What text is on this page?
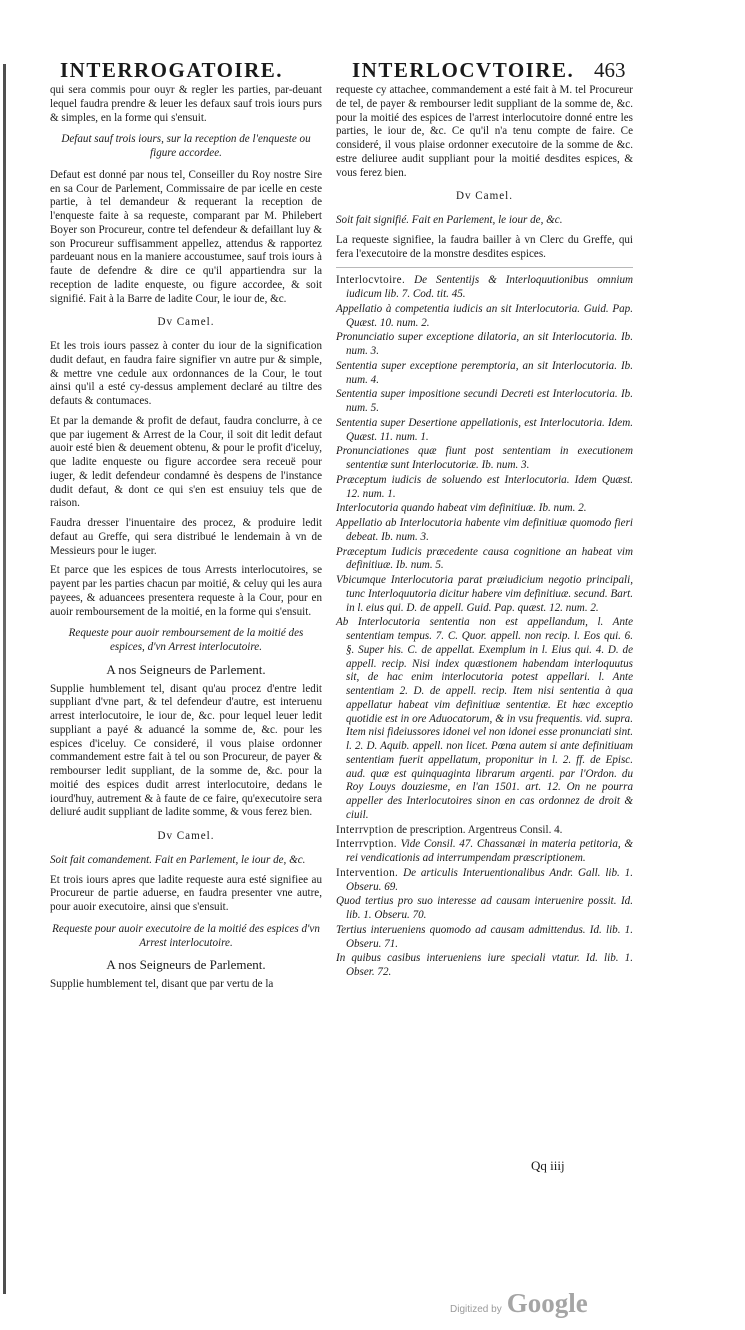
INTERROGATOIRE.	INTERLOCVTOIRE. 463

qui sera commis pour ouyr & regler les parties, par-deuant lequel faudra prendre & leuer les defaux sauf trois iours purs & simples, en la forme qui s'ensuit.

Defaut sauf trois iours, sur la reception de l'enqueste ou figure accordee.

Defaut est donné par nous tel, Conseiller du Roy nostre Sire en sa Cour de Parlement, Commissaire de par icelle en ceste partie, à tel demandeur & requerant la reception de l'enqueste faite à sa requeste, comparant par M. Philebert Boyer son Procureur, contre tel defendeur & defaillant luy & son Procureur suffisamment appellez, attendus & rapportez pardeuant nous en la maniere accoustumee, sauf trois iours à faute de defendre & dire ce qu'il appartiendra sur la reception de ladite enqueste, ou figure accordee, & soit signifié. Fait à la Barre de ladite Cour, le iour de, &c.

Dv Camel.

Et les trois iours passez à conter du iour de la signification dudit defaut, en faudra faire signifier vn autre pur & simple, & mettre vne cedule aux ordonnances de la Cour, le tout ainsi qu'il a esté cy-dessus amplement declaré au tiltre des defauts & contumaces.

Et par la demande & profit de defaut, faudra conclurre, à ce que par iugement & Arrest de la Cour, il soit dit ledit defaut auoir esté bien & deuement obtenu, & pour le profit d'iceluy, que ladite enqueste ou figure accordee sera receuë pour iuger, & ledit defendeur condamné ès despens de l'instance dudit defaut, & dont ce qui s'en est ensuiuy tels que de raison.

Faudra dresser l'inuentaire des procez, & produire ledit defaut au Greffe, qui sera distribué le lendemain à vn de Messieurs pour le iuger.

Et parce que les espices de tous Arrests interlocutoires, se payent par les parties chacun par moitié, & celuy qui les aura payees, & aduancees presentera requeste à la Cour, pour en auoir remboursement de la moitié, en la forme qui s'ensuit.

Requeste pour auoir remboursement de la moitié des espices, d'vn Arrest interlocutoire.

A nos Seigneurs de Parlement.

Supplie humblement tel, disant qu'au procez d'entre ledit suppliant d'vne part, & tel defendeur d'autre, est interuenu arrest interlocutoire, le iour de, &c. pour lequel leuer ledit suppliant a payé & aduancé la somme de, &c. pour les espices d'iceluy. Ce consideré, il vous plaise ordonner commandement estre fait à tel ou son Procureur, de payer & rembourser ledit suppliant, de la somme de, &c. pour la moitié des espices dudit arrest interlocutoire, dedans le iourd'huy, autrement & à faute de ce faire, qu'executoire sera deliuré audit suppliant de ladite somme, & vous ferez bien.

Dv Camel.

Soit fait comandement. Fait en Parlement, le iour de, &c.

Et trois iours apres que ladite requeste aura esté signifiee au Procureur de partie aduerse, en faudra presenter vne autre, pour auoir executoire, ainsi que s'ensuit.

Requeste pour auoir executoire de la moitié des espices d'vn Arrest interlocutoire.

A nos Seigneurs de Parlement.

Supplie humblement tel, disant que par vertu de la

requeste cy attachee, commandement a esté fait à M. tel Procureur de tel, de payer & rembourser ledit suppliant de la somme de, &c. pour la moitié des espices de l'arrest interlocutoire donné entre les parties, le iour de, &c. Ce qu'il n'a tenu compte de faire. Ce consideré, il vous plaise ordonner executoire de la somme de &c. estre deliuree audit suppliant pour la moitié desdites espices, & vous ferez bien.

Dv Camel.

Soit fait signifié. Fait en Parlement, le iour de, &c.

La requeste signifiee, la faudra bailler à vn Clerc du Greffe, qui fera l'executoire de la monstre desdites espices.

Interlocvtoire. De Sententijs & Interloquutionibus omnium iudicum lib. 7. Cod. tit. 45.

Appellatio à competentia iudicis an sit Interlocutoria. Guid. Pap. Quæst. 10. num. 2.

Pronunciatio super exceptione dilatoria, an sit Interlocutoria. Ib. num. 3.

Sententia super exceptione peremptoria, an sit Interlocutoria. Ib. num. 4.

Sententia super impositione secundi Decreti est Interlocutoria. Ib. num. 5.

Sententia super Desertione appellationis, est Interlocutoria. Idem. Quæst. 11. num. 1.

Pronunciationes quæ fiunt post sententiam in executionem sententiæ sunt Interlocutoriæ. Ib. num. 3.

Præceptum iudicis de soluendo est Interlocutoria. Idem Quæst. 12. num. 1.

Interlocutoria quando habeat vim definitiuæ. Ib. num. 2.

Appellatio ab Interlocutoria habente vim definitiuæ quomodo fieri debeat. Ib. num. 3.

Præceptum Iudicis præcedente causa cognitione an habeat vim definitiuæ. Ib. num. 5.

Vbicumque Interlocutoria parat præiudicium negotio principali, tunc Interloquutoria dicitur habere vim definitiuæ. secund. Bart. in l. eius qui. D. de appell. Guid. Pap. quæst. 12. num. 2.

Ab Interlocutoria sententia non est appellandum, l. Ante sententiam tempus. 7. C. Quor. appell. non recip. l. Eos qui. 6. §. Super his. C. de appellat. Exemplum in l. Eius qui. 4. D. de appell. recip. Nisi index quæstionem habendam interloquutus sit, de hac enim interlocutoria potest appellari. l. Ante sententiam 2. D. de appell. recip. Item nisi sententia à qua appellatur habeat vim definitiuæ sententiæ. Et hæc exceptio quotidie est in ore Aduocatorum, & in vsu frequentis. vid. supra. Item nisi fideiussores idonei vel non idonei esse pronunciati sint. l. 2. D. Aquib. appell. non licet. Pœna autem si ante definitiuam sententiam fuerit appellatum, proponitur in l. 2. ff. de Episc. aud. quæ est quinquaginta librarum argenti. par l'Ordon. du Roy Louys douziesme, en l'an 1501. art. 12. On ne pourra appeller des Interlocutoires sinon en cas ordonnez de droit & ciuil.

Interrvption de prescription. Argentreus Consil. 4.

Interrvption. Vide Consil. 47. Chassanæi in materia petitoria, & rei vendicationis ad interrumpendam præscriptionem.

Intervention. De articulis Interuentionalibus Andr. Gall. lib. 1. Obseru. 69.

Quod tertius pro suo interesse ad causam interuenire possit. Id. lib. 1. Obseru. 70.

Tertius interueniens quomodo ad causam admittendus. Id. lib. 1. Obseru. 71.

In quibus casibus interueniens iure speciali vtatur. Id. lib. 1. Obser. 72.

Qq iiij
Digitized by Google
